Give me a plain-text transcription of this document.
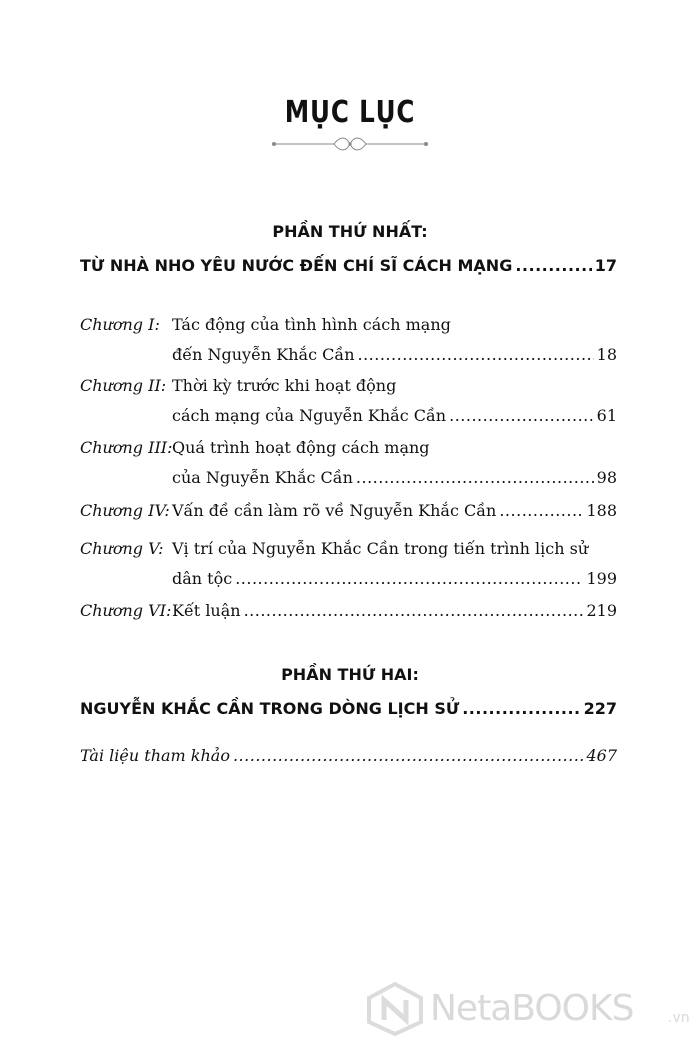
MỤC LỤC
PHẦN THỨ NHẤT:
TỪ NHÀ NHO YÊU NƯỚC ĐẾN CHÍ SĨ CÁCH MẠNG .....	17
Chương I: Tác động của tình hình cách mạng
đến Nguyễn Khắc Cần .....	18
Chương II: Thời kỳ trước khi hoạt động
cách mạng của Nguyễn Khắc Cần .....	61
Chương III: Quá trình hoạt động cách mạng
của Nguyễn Khắc Cần .....	98
Chương IV: Vấn đề cần làm rõ về Nguyễn Khắc Cần .....	188
Chương V: Vị trí của Nguyễn Khắc Cần trong tiến trình lịch sử
dân tộc .....	199
Chương VI: Kết luận .....	219
PHẦN THỨ HAI:
NGUYỄN KHẮC CẦN TRONG DÒNG LỊCH SỬ .....	227
Tài liệu tham khảo .....	467
NetaBOOKS .vn
